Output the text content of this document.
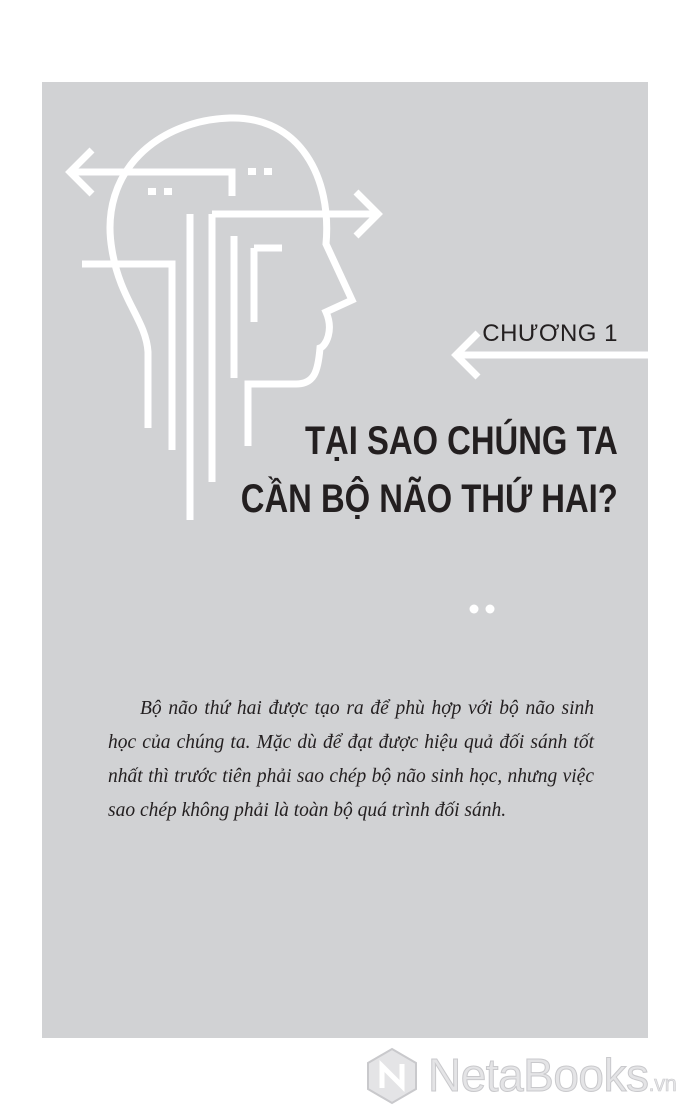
CHƯƠNG 1
TẠI SAO CHÚNG TA
CẦN BỘ NÃO THỨ HAI?

Bộ não thứ hai được tạo ra để phù hợp với bộ não sinh học của chúng ta. Mặc dù để đạt được hiệu quả đối sánh tốt nhất thì trước tiên phải sao chép bộ não sinh học, nhưng việc sao chép không phải là toàn bộ quá trình đối sánh.

NetaBooks.vn
